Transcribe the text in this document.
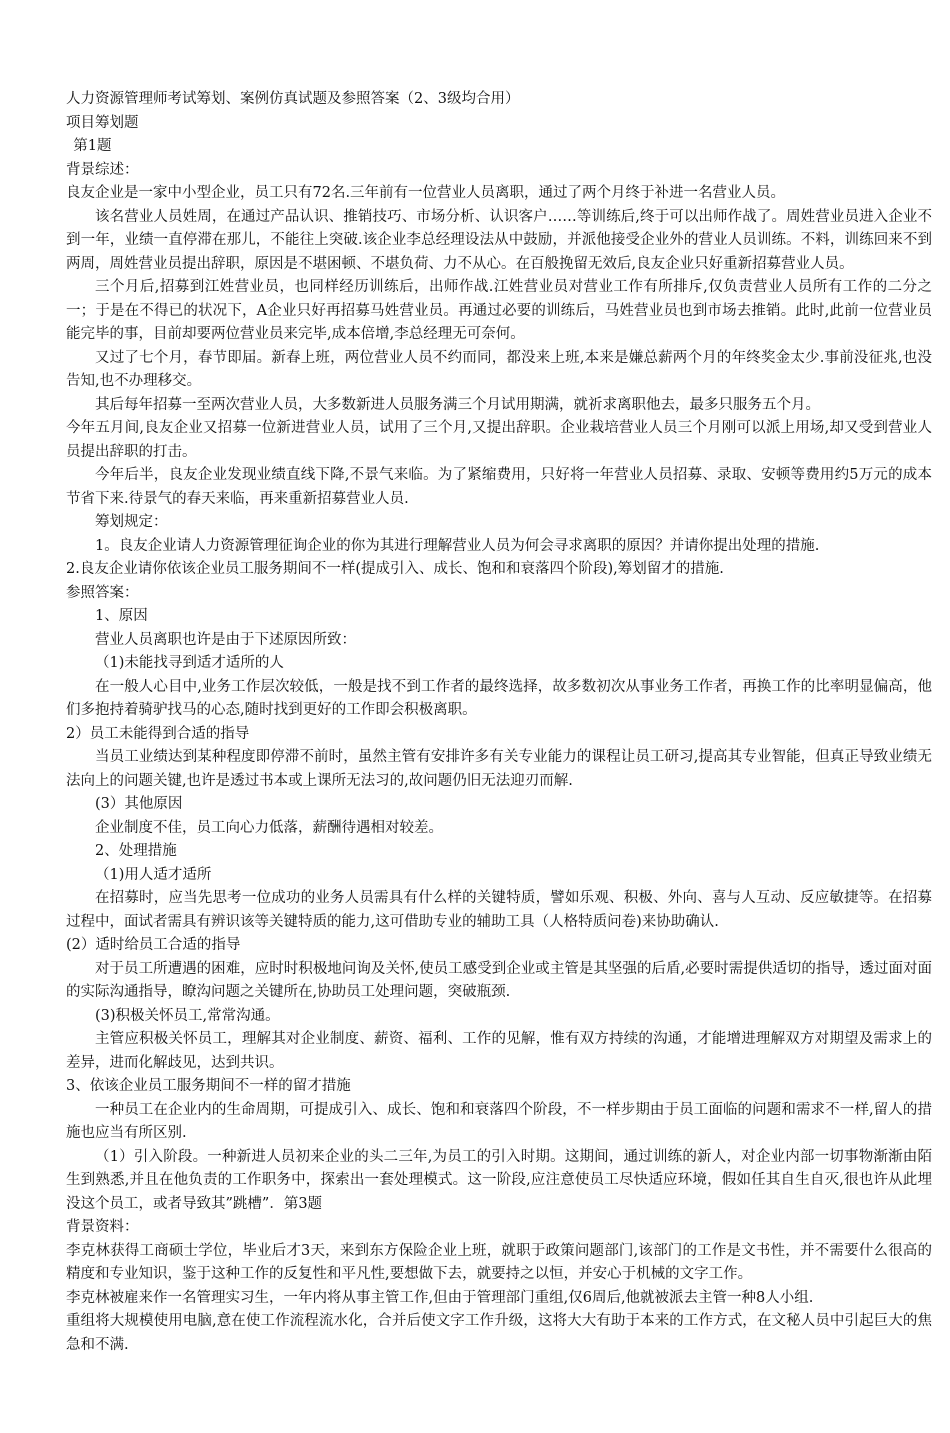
人力资源管理师考试筹划、案例仿真试题及参照答案（2、3级均合用）

项目筹划题

第1题

背景综述：

良友企业是一家中小型企业，员工只有72名.三年前有一位营业人员离职，通过了两个月终于补进一名营业人员。

该名营业人员姓周，在通过产品认识、推销技巧、市场分析、认识客户……等训练后,终于可以出师作战了。周姓营业员进入企业不到一年，业绩一直停滞在那儿，不能往上突破.该企业李总经理设法从中鼓励，并派他接受企业外的营业人员训练。不料，训练回来不到两周，周姓营业员提出辞职，原因是不堪困顿、不堪负荷、力不从心。在百般挽留无效后,良友企业只好重新招募营业人员。

三个月后,招募到江姓营业员，也同样经历训练后，出师作战.江姓营业员对营业工作有所排斥,仅负责营业人员所有工作的二分之一；于是在不得已的状况下，A企业只好再招募马姓营业员。再通过必要的训练后，马姓营业员也到市场去推销。此时,此前一位营业员能完毕的事，目前却要两位营业员来完毕,成本倍增,李总经理无可奈何。

又过了七个月，春节即届。新春上班，两位营业人员不约而同，都没来上班,本来是嫌总薪两个月的年终奖金太少.事前没征兆,也没告知,也不办理移交。

其后每年招募一至两次营业人员，大多数新进人员服务满三个月试用期满，就祈求离职他去，最多只服务五个月。

今年五月间,良友企业又招募一位新进营业人员，试用了三个月,又提出辞职。企业栽培营业人员三个月刚可以派上用场,却又受到营业人员提出辞职的打击。

今年后半，良友企业发现业绩直线下降,不景气来临。为了紧缩费用，只好将一年营业人员招募、录取、安顿等费用约5万元的成本节省下来.待景气的春天来临，再来重新招募营业人员.

筹划规定：

1。良友企业请人力资源管理征询企业的你为其进行理解营业人员为何会寻求离职的原因？并请你提出处理的措施.

2.良友企业请你依该企业员工服务期间不一样(提成引入、成长、饱和和衰落四个阶段),筹划留才的措施.

参照答案：

1、原因

营业人员离职也许是由于下述原因所致：

（1)未能找寻到适才适所的人

在一般人心目中,业务工作层次较低，一般是找不到工作者的最终选择，故多数初次从事业务工作者，再换工作的比率明显偏高，他们多抱持着骑驴找马的心态,随时找到更好的工作即会积极离职。

2）员工未能得到合适的指导

当员工业绩达到某种程度即停滞不前时，虽然主管有安排许多有关专业能力的课程让员工研习,提高其专业智能，但真正导致业绩无法向上的问题关键,也许是透过书本或上课所无法习的,故问题仍旧无法迎刃而解.

(3）其他原因

企业制度不佳，员工向心力低落，薪酬待遇相对较差。

2、处理措施

（1)用人适才适所

在招募时，应当先思考一位成功的业务人员需具有什么样的关键特质，譬如乐观、积极、外向、喜与人互动、反应敏捷等。在招募过程中，面试者需具有辨识该等关键特质的能力,这可借助专业的辅助工具（人格特质问卷)来协助确认.

(2）适时给员工合适的指导

对于员工所遭遇的困难，应时时积极地问询及关怀,使员工感受到企业或主管是其坚强的后盾,必要时需提供适切的指导，透过面对面的实际沟通指导，瞭沟问题之关键所在,协助员工处理问题，突破瓶颈.

(3)积极关怀员工,常常沟通。

主管应积极关怀员工，理解其对企业制度、薪资、福利、工作的见解，惟有双方持续的沟通，才能增进理解双方对期望及需求上的差异，进而化解歧见，达到共识。

3、依该企业员工服务期间不一样的留才措施

一种员工在企业内的生命周期，可提成引入、成长、饱和和衰落四个阶段，不一样步期由于员工面临的问题和需求不一样,留人的措施也应当有所区别.

（1）引入阶段。一种新进人员初来企业的头二三年,为员工的引入时期。这期间，通过训练的新人，对企业内部一切事物渐渐由陌生到熟悉,并且在他负责的工作职务中，探索出一套处理模式。这一阶段,应注意使员工尽快适应环境，假如任其自生自灭,很也许从此埋没这个员工，或者导致其”跳槽”．第3题

背景资料：

李克林获得工商硕士学位，毕业后才3天，来到东方保险企业上班，就职于政策问题部门,该部门的工作是文书性，并不需要什么很高的精度和专业知识，鉴于这种工作的反复性和平凡性,要想做下去，就要持之以恒，并安心于机械的文字工作。

李克林被雇来作一名管理实习生，一年内将从事主管工作,但由于管理部门重组,仅6周后,他就被派去主管一种8人小组.

重组将大规模使用电脑,意在使工作流程流水化，合并后使文字工作升级，这将大大有助于本来的工作方式，在文秘人员中引起巨大的焦急和不满.
